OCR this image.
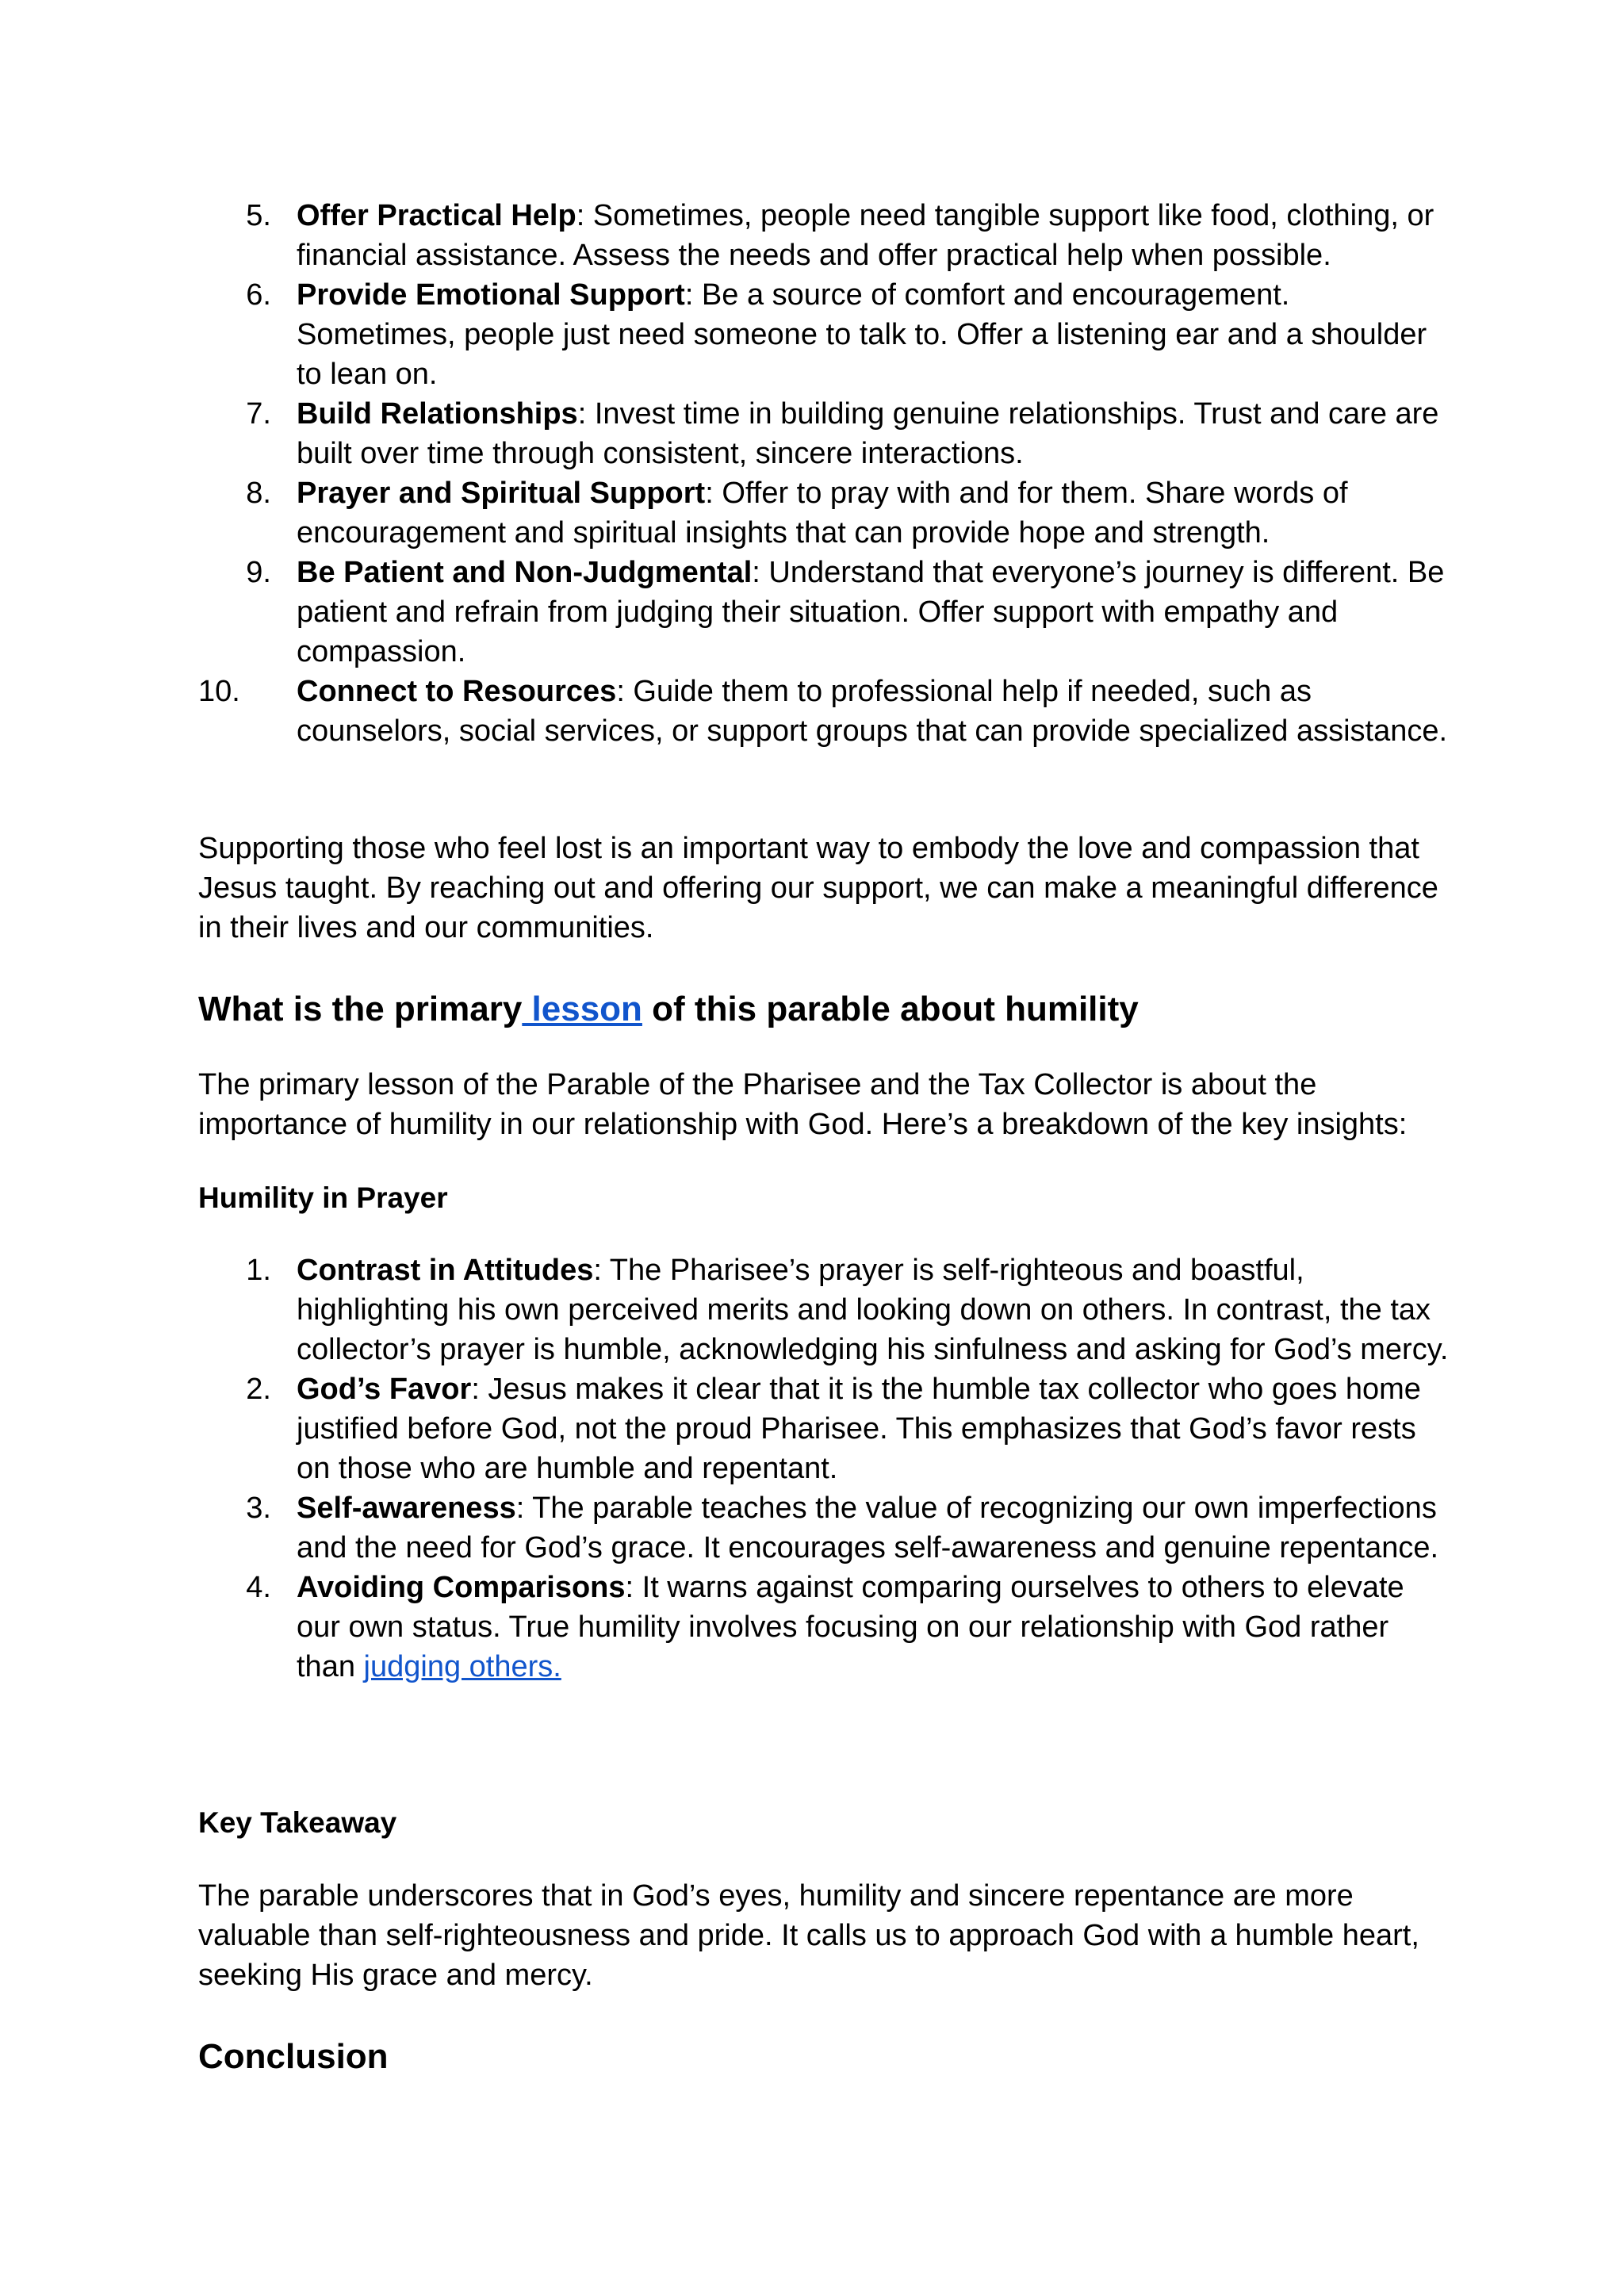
5. Offer Practical Help: Sometimes, people need tangible support like food, clothing, or financial assistance. Assess the needs and offer practical help when possible.
6. Provide Emotional Support: Be a source of comfort and encouragement. Sometimes, people just need someone to talk to. Offer a listening ear and a shoulder to lean on.
7. Build Relationships: Invest time in building genuine relationships. Trust and care are built over time through consistent, sincere interactions.
8. Prayer and Spiritual Support: Offer to pray with and for them. Share words of encouragement and spiritual insights that can provide hope and strength.
9. Be Patient and Non-Judgmental: Understand that everyone’s journey is different. Be patient and refrain from judging their situation. Offer support with empathy and compassion.
10.	Connect to Resources: Guide them to professional help if needed, such as counselors, social services, or support groups that can provide specialized assistance.

Supporting those who feel lost is an important way to embody the love and compassion that Jesus taught. By reaching out and offering our support, we can make a meaningful difference in their lives and our communities.

What is the primary lesson of this parable about humility

The primary lesson of the Parable of the Pharisee and the Tax Collector is about the importance of humility in our relationship with God. Here’s a breakdown of the key insights:

Humility in Prayer
1. Contrast in Attitudes: The Pharisee’s prayer is self-righteous and boastful, highlighting his own perceived merits and looking down on others. In contrast, the tax collector’s prayer is humble, acknowledging his sinfulness and asking for God’s mercy.
2. God’s Favor: Jesus makes it clear that it is the humble tax collector who goes home justified before God, not the proud Pharisee. This emphasizes that God’s favor rests on those who are humble and repentant.
3. Self-awareness: The parable teaches the value of recognizing our own imperfections and the need for God’s grace. It encourages self-awareness and genuine repentance.
4. Avoiding Comparisons: It warns against comparing ourselves to others to elevate our own status. True humility involves focusing on our relationship with God rather than judging others.
Key Takeaway

The parable underscores that in God’s eyes, humility and sincere repentance are more valuable than self-righteousness and pride. It calls us to approach God with a humble heart, seeking His grace and mercy.

Conclusion
